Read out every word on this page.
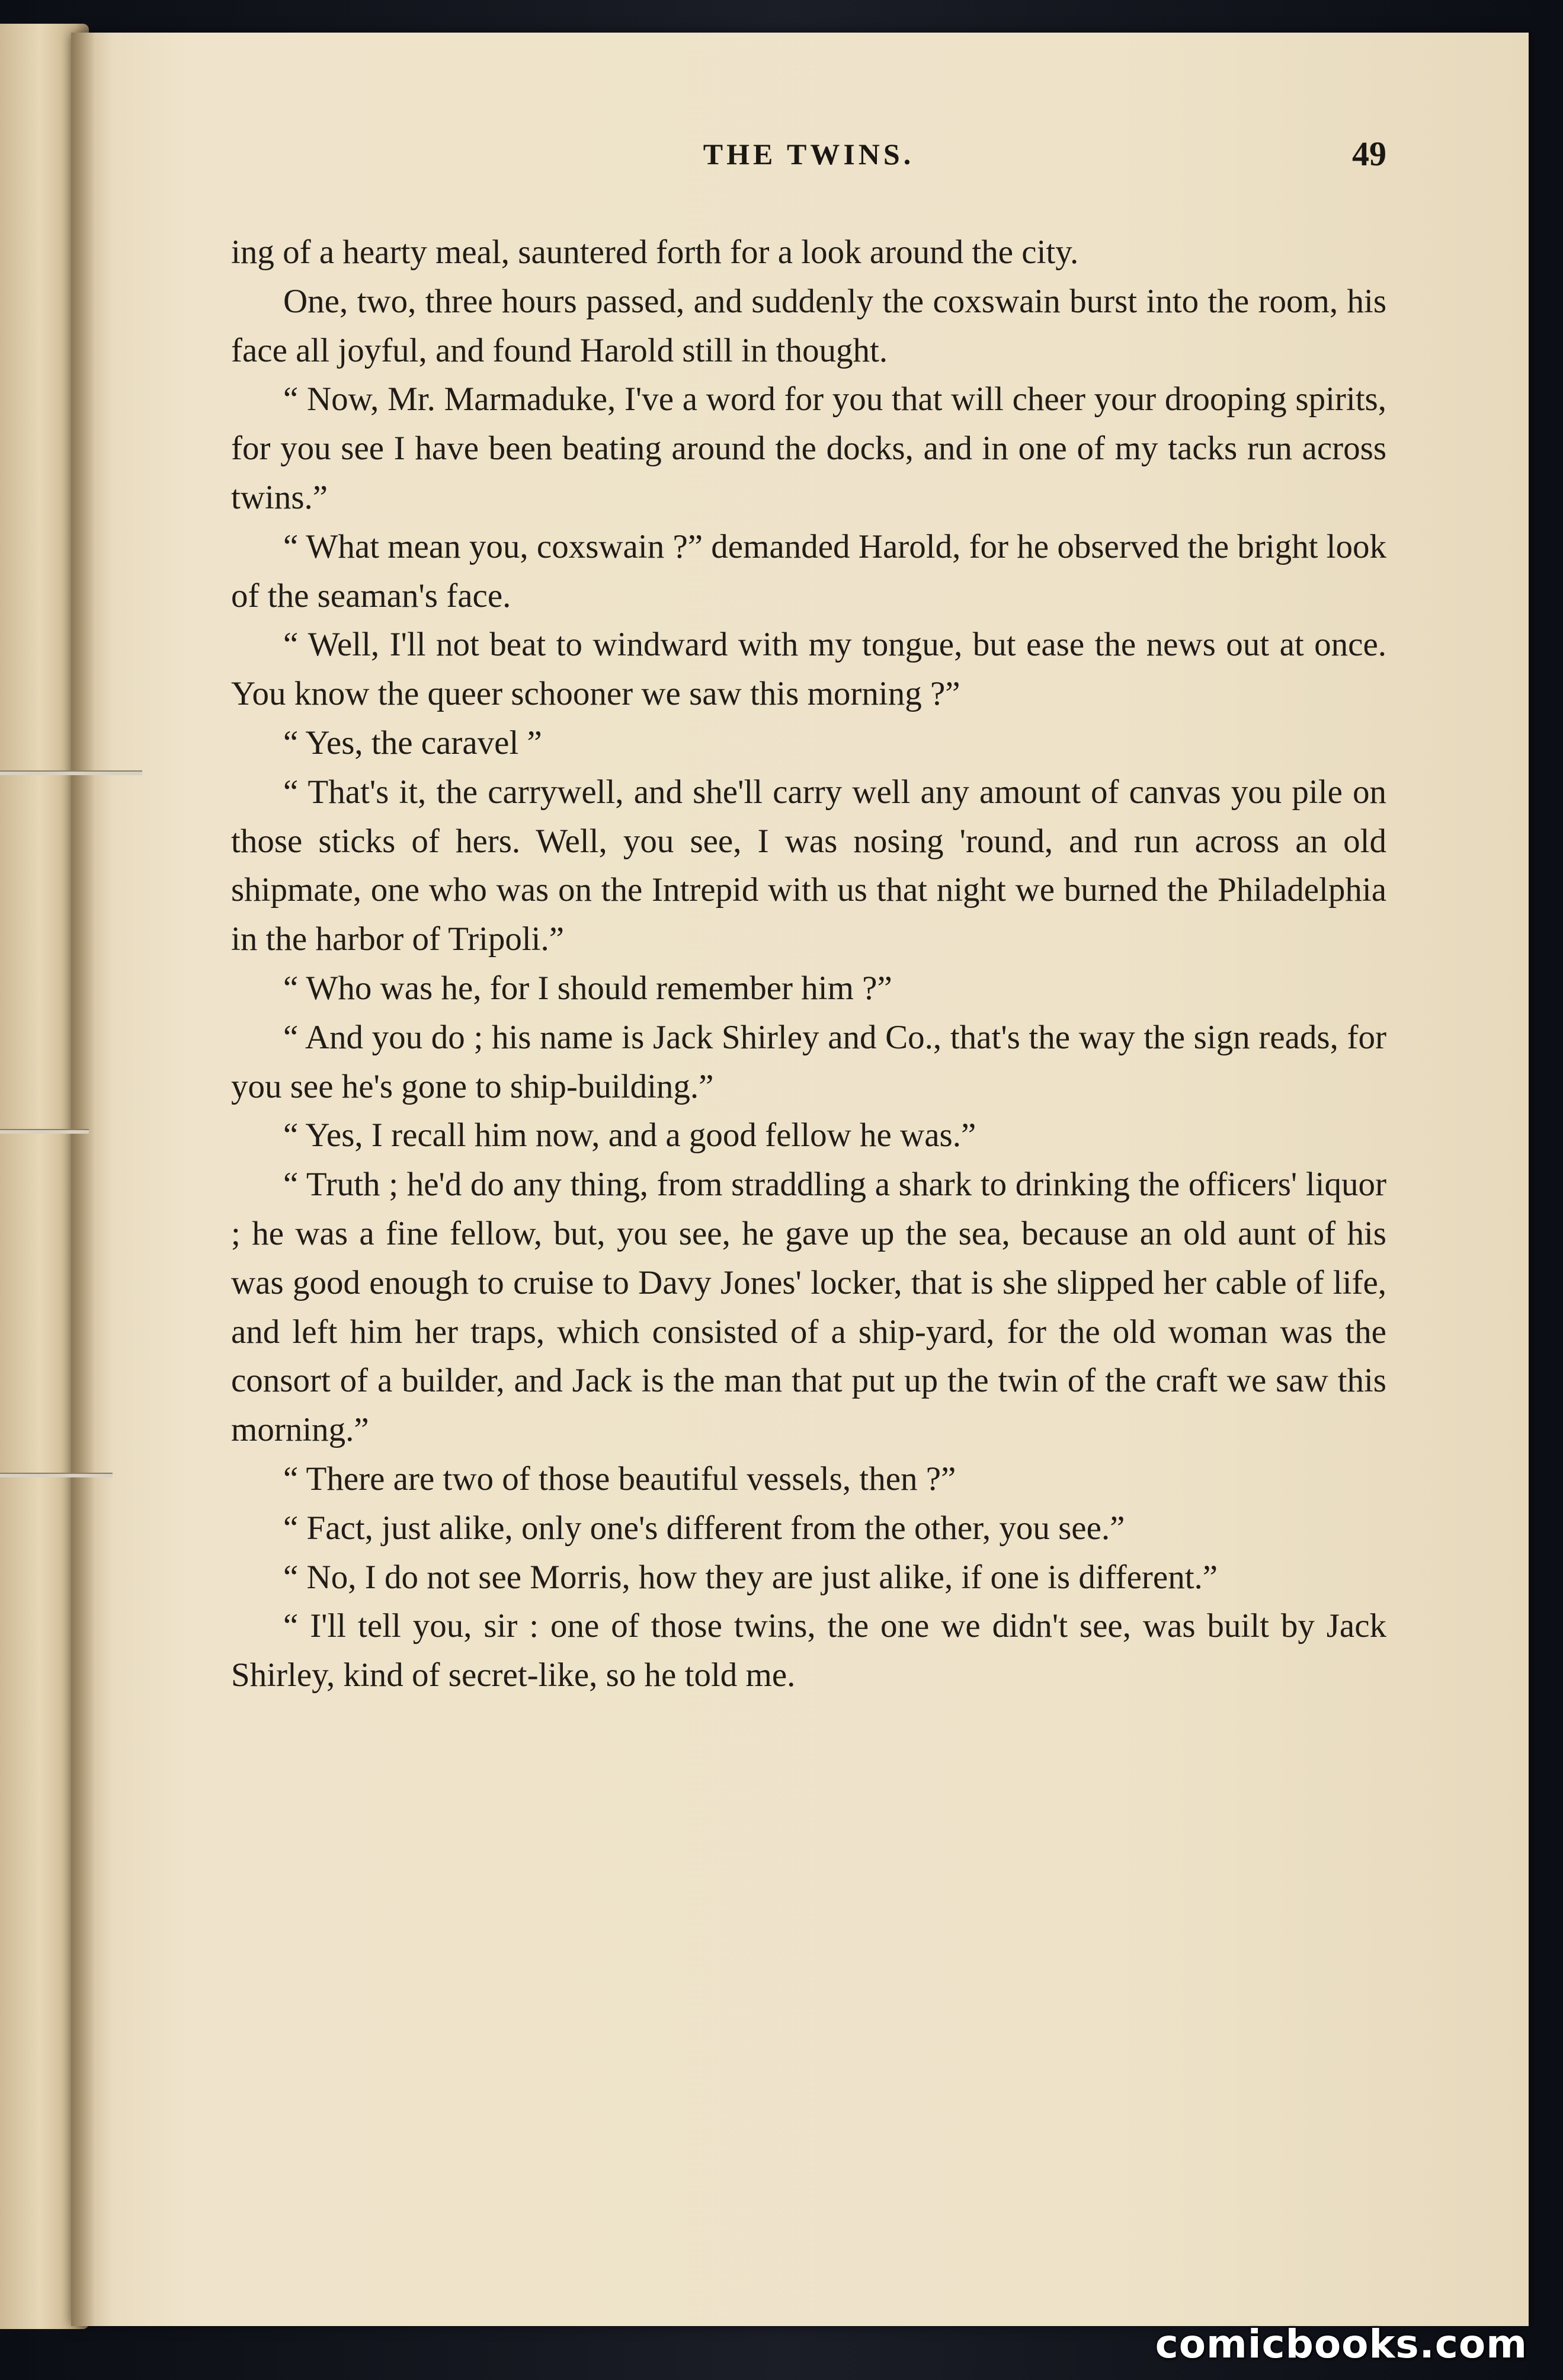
THE TWINS.	49

ing of a hearty meal, sauntered forth for a look around the city.

One, two, three hours passed, and suddenly the coxswain burst into the room, his face all joyful, and found Harold still in thought.

“ Now, Mr. Marmaduke, I've a word for you that will cheer your drooping spirits, for you see I have been beating around the docks, and in one of my tacks run across twins.”

“ What mean you, coxswain ?” demanded Harold, for he observed the bright look of the seaman's face.

“ Well, I'll not beat to windward with my tongue, but ease the news out at once. You know the queer schooner we saw this morning ?”

“ Yes, the caravel ”

“ That's it, the carrywell, and she'll carry well any amount of canvas you pile on those sticks of hers. Well, you see, I was nosing 'round, and run across an old shipmate, one who was on the Intrepid with us that night we burned the Philadelphia in the harbor of Tripoli.”

“ Who was he, for I should remember him ?”

“ And you do ; his name is Jack Shirley and Co., that's the way the sign reads, for you see he's gone to ship-building.”

“ Yes, I recall him now, and a good fellow he was.”

“ Truth ; he'd do any thing, from straddling a shark to drinking the officers' liquor ; he was a fine fellow, but, you see, he gave up the sea, because an old aunt of his was good enough to cruise to Davy Jones' locker, that is she slipped her cable of life, and left him her traps, which consisted of a ship-yard, for the old woman was the consort of a builder, and Jack is the man that put up the twin of the craft we saw this morning.”

“ There are two of those beautiful vessels, then ?”

“ Fact, just alike, only one's different from the other, you see.”

“ No, I do not see Morris, how they are just alike, if one is different.”

“ I'll tell you, sir : one of those twins, the one we didn't see, was built by Jack Shirley, kind of secret-like, so he told me.

comicbooks.com
